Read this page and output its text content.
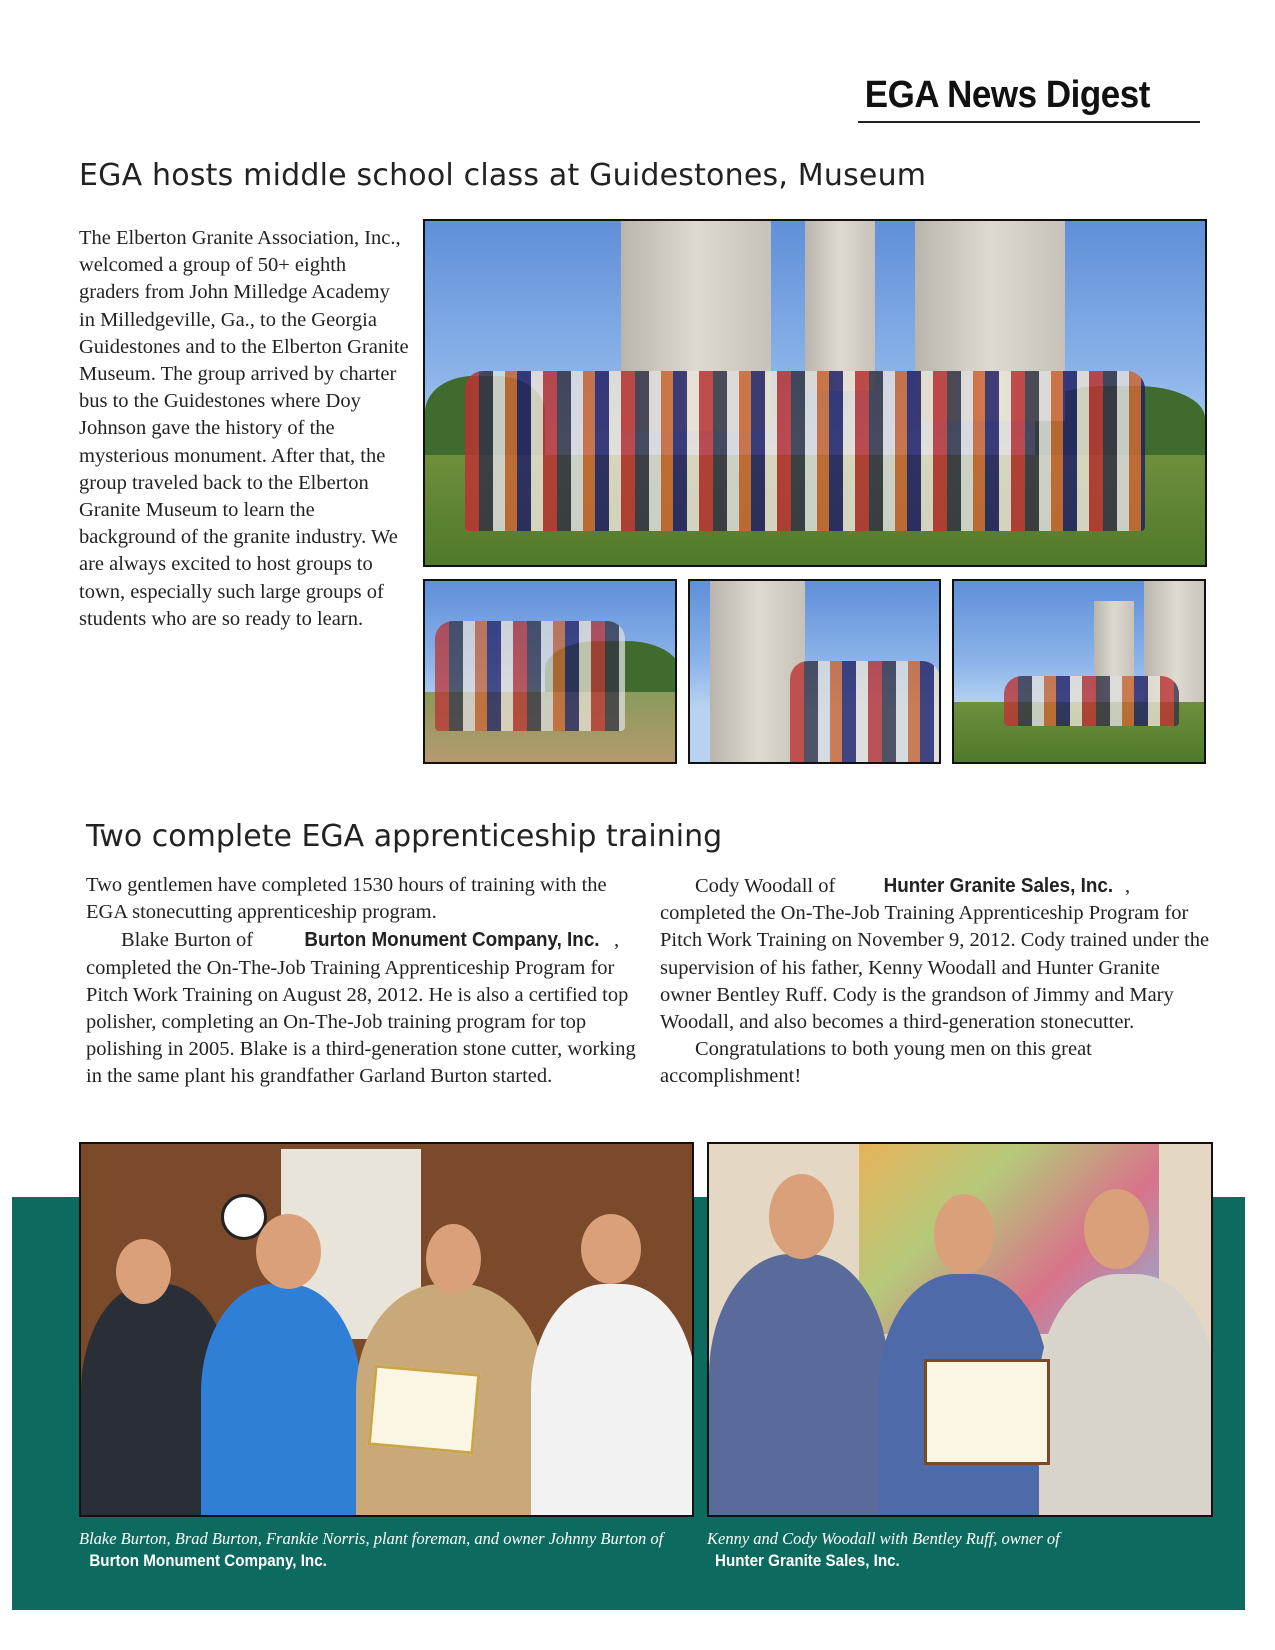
EGA News Digest
EGA hosts middle school class at Guidestones, Museum

The Elberton Granite Association, Inc., welcomed a group of 50+ eighth graders from John Milledge Academy in Milledgeville, Ga., to the Georgia Guidestones and to the Elberton Granite Museum. The group arrived by charter bus to the Guidestones where Doy Johnson gave the history of the mysterious monument. After that, the group traveled back to the Elberton Granite Museum to learn the background of the granite industry. We are always excited to host groups to town, especially such large groups of students who are so ready to learn.

Two complete EGA apprenticeship training

Two gentlemen have completed 1530 hours of training with the EGA stonecutting apprenticeship program.

Blake Burton of Burton Monument Company, Inc. , completed the On-The-Job Training Apprenticeship Program for Pitch Work Training on August 28, 2012. He is also a certified top polisher, completing an On-The-Job training program for top polishing in 2005. Blake is a third-generation stone cutter, working in the same plant his grandfather Garland Burton started.

Cody Woodall of Hunter Granite Sales, Inc. , completed the On-The-Job Training Apprenticeship Program for Pitch Work Training on November 9, 2012. Cody trained under the supervision of his father, Kenny Woodall and Hunter Granite owner Bentley Ruff. Cody is the grandson of Jimmy and Mary Woodall, and also becomes a third-generation stonecutter.

Congratulations to both young men on this great accomplishment!

Blake Burton, Brad Burton, Frankie Norris, plant foreman, and owner Johnny Burton of Burton Monument Company, Inc.
Kenny and Cody Woodall with Bentley Ruff, owner of Hunter Granite Sales, Inc.
